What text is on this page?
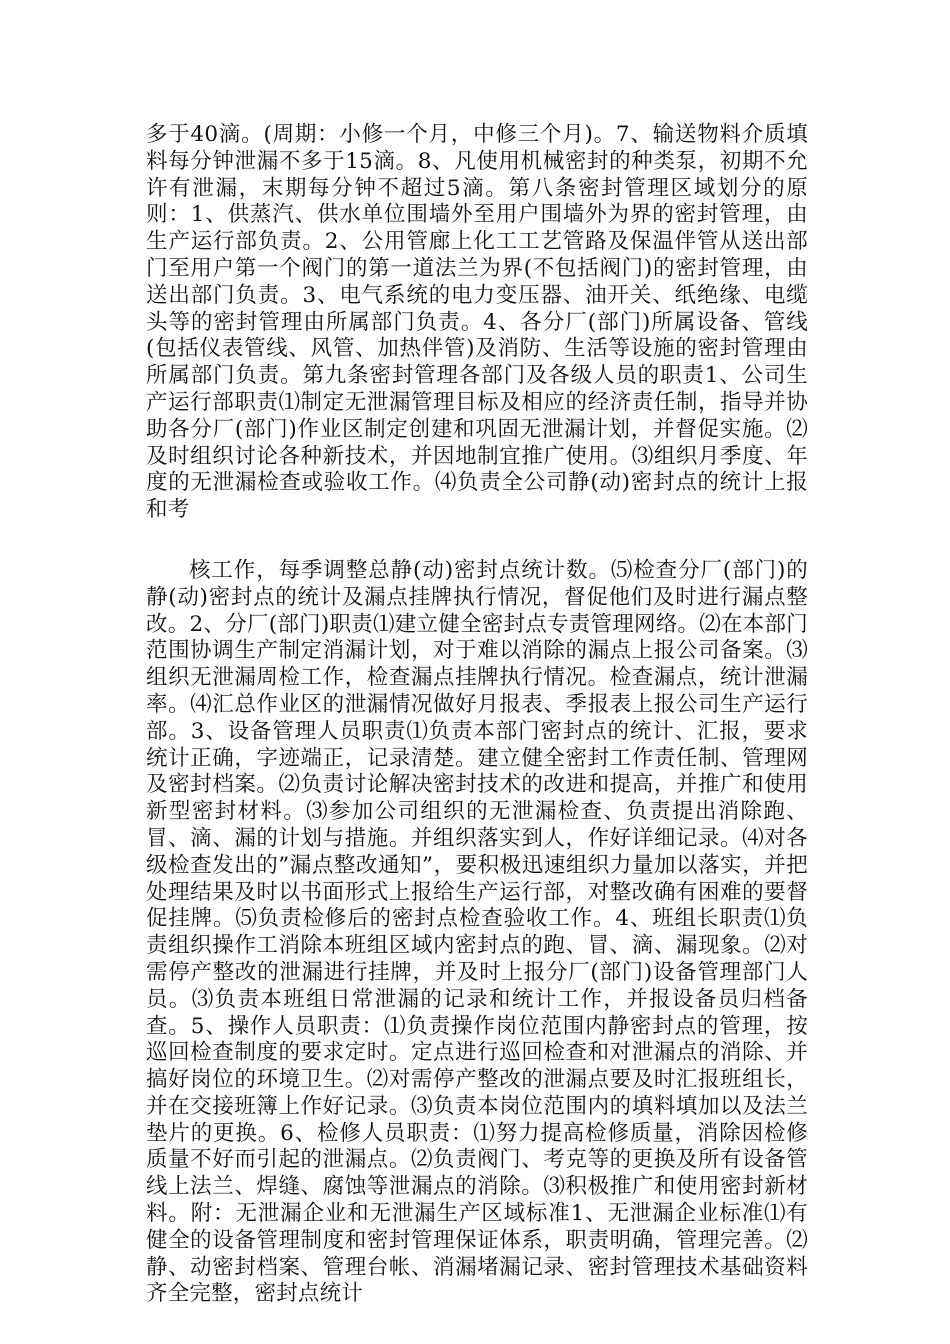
多于40滴。(周期：小修一个月，中修三个月)。7、输送物料介质填料每分钟泄漏不多于15滴。8、凡使用机械密封的种类泵，初期不允许有泄漏，末期每分钟不超过5滴。第八条密封管理区域划分的原则：1、供蒸汽、供水单位围墙外至用户围墙外为界的密封管理，由生产运行部负责。2、公用管廊上化工工艺管路及保温伴管从送出部门至用户第一个阀门的第一道法兰为界(不包括阀门)的密封管理，由送出部门负责。3、电气系统的电力变压器、油开关、纸绝缘、电缆头等的密封管理由所属部门负责。4、各分厂(部门)所属设备、管线(包括仪表管线、风管、加热伴管)及消防、生活等设施的密封管理由所属部门负责。第九条密封管理各部门及各级人员的职责1、公司生产运行部职责⑴制定无泄漏管理目标及相应的经济责任制，指导并协助各分厂(部门)作业区制定创建和巩固无泄漏计划，并督促实施。⑵及时组织讨论各种新技术，并因地制宜推广使用。⑶组织月季度、年度的无泄漏检查或验收工作。⑷负责全公司静(动)密封点的统计上报和考

核工作，每季调整总静(动)密封点统计数。⑸检查分厂(部门)的静(动)密封点的统计及漏点挂牌执行情况，督促他们及时进行漏点整改。2、分厂(部门)职责⑴建立健全密封点专责管理网络。⑵在本部门范围协调生产制定消漏计划，对于难以消除的漏点上报公司备案。⑶组织无泄漏周检工作，检查漏点挂牌执行情况。检查漏点，统计泄漏率。⑷汇总作业区的泄漏情况做好月报表、季报表上报公司生产运行部。3、设备管理人员职责⑴负责本部门密封点的统计、汇报，要求统计正确，字迹端正，记录清楚。建立健全密封工作责任制、管理网及密封档案。⑵负责讨论解决密封技术的改进和提高，并推广和使用新型密封材料。⑶参加公司组织的无泄漏检查、负责提出消除跑、冒、滴、漏的计划与措施。并组织落实到人，作好详细记录。⑷对各级检查发出的”漏点整改通知”，要积极迅速组织力量加以落实，并把处理结果及时以书面形式上报给生产运行部，对整改确有困难的要督促挂牌。⑸负责检修后的密封点检查验收工作。4、班组长职责⑴负责组织操作工消除本班组区域内密封点的跑、冒、滴、漏现象。⑵对需停产整改的泄漏进行挂牌，并及时上报分厂(部门)设备管理部门人员。⑶负责本班组日常泄漏的记录和统计工作，并报设备员归档备查。5、操作人员职责：⑴负责操作岗位范围内静密封点的管理，按巡回检查制度的要求定时。定点进行巡回检查和对泄漏点的消除、并搞好岗位的环境卫生。⑵对需停产整改的泄漏点要及时汇报班组长，并在交接班簿上作好记录。⑶负责本岗位范围内的填料填加以及法兰垫片的更换。6、检修人员职责：⑴努力提高检修质量，消除因检修质量不好而引起的泄漏点。⑵负责阀门、考克等的更换及所有设备管线上法兰、焊缝、腐蚀等泄漏点的消除。⑶积极推广和使用密封新材料。附：无泄漏企业和无泄漏生产区域标准1、无泄漏企业标准⑴有健全的设备管理制度和密封管理保证体系，职责明确，管理完善。⑵静、动密封档案、管理台帐、消漏堵漏记录、密封管理技术基础资料齐全完整，密封点统计
